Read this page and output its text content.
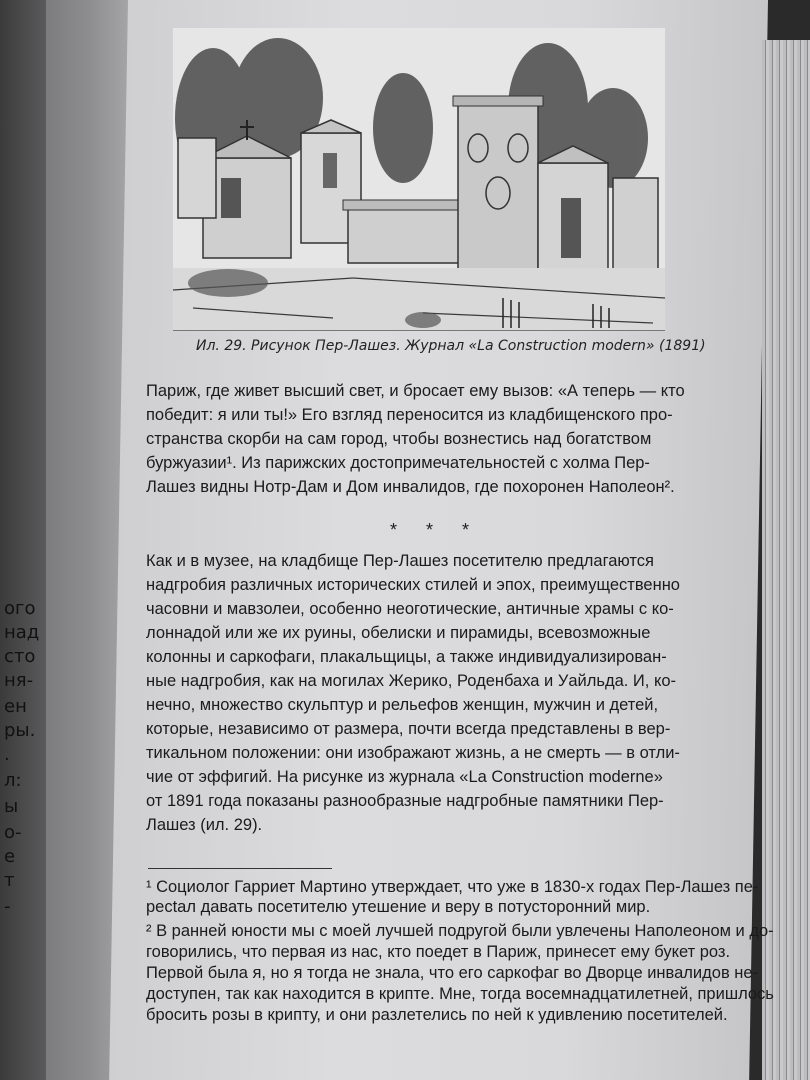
ого
над
сто
ня-
ен
ры.
.
л:
ы
о-
е
т
-
Ил. 29. Рисунок Пер-Лашез. Журнал «La Construction modern» (1891)
Париж, где живет высший свет, и бросает ему вызов: «А теперь — кто
победит: я или ты!» Его взгляд переносится из кладбищенского про-
странства скорби на сам город, чтобы вознестись над богатством
буржуазии¹. Из парижских достопримечательностей с холма Пер-
Лашез видны Нотр-Дам и Дом инвалидов, где похоронен Наполеон².
* * *
Как и в музее, на кладбище Пер-Лашез посетителю предлагаются
надгробия различных исторических стилей и эпох, преимущественно
часовни и мавзолеи, особенно неоготические, античные храмы с ко-
лоннадой или же их руины, обелиски и пирамиды, всевозможные
колонны и саркофаги, плакальщицы, а также индивидуализирован-
ные надгробия, как на могилах Жерико, Роденбаха и Уайльда. И, ко-
нечно, множество скульптур и рельефов женщин, мужчин и детей,
которые, независимо от размера, почти всегда представлены в вер-
тикальном положении: они изображают жизнь, а не смерть — в отли-
чие от эффигий. На рисунке из журнала «La Construction moderne»
от 1891 года показаны разнообразные надгробные памятники Пер-
Лашез (ил. 29).
¹ Социолог Гарриет Мартино утверждает, что уже в 1830-х годах Пер-Лашез пе-
ресtал давать посетителю утешение и веру в потусторонний мир.
² В ранней юности мы с моей лучшей подругой были увлечены Наполеоном и до-
говорились, что первая из нас, кто поедет в Париж, принесет ему букет роз.
Первой была я, но я тогда не знала, что его саркофаг во Дворце инвалидов не-
доступен, так как находится в крипте. Мне, тогда восемнадцатилетней, пришлось
бросить розы в крипту, и они разлетелись по ней к удивлению посетителей.
